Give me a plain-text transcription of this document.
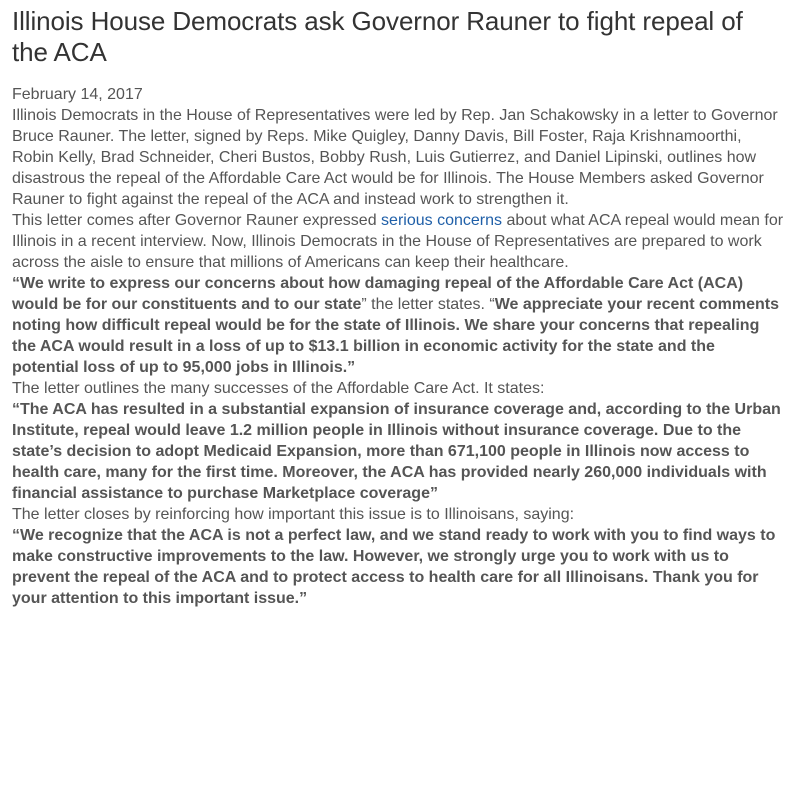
Illinois House Democrats ask Governor Rauner to fight repeal of the ACA
February 14, 2017

Illinois Democrats in the House of Representatives were led by Rep. Jan Schakowsky in a letter to Governor Bruce Rauner. The letter, signed by Reps. Mike Quigley, Danny Davis, Bill Foster, Raja Krishnamoorthi, Robin Kelly, Brad Schneider, Cheri Bustos, Bobby Rush, Luis Gutierrez, and Daniel Lipinski, outlines how disastrous the repeal of the Affordable Care Act would be for Illinois. The House Members asked Governor Rauner to fight against the repeal of the ACA and instead work to strengthen it.

This letter comes after Governor Rauner expressed serious concerns about what ACA repeal would mean for Illinois in a recent interview. Now, Illinois Democrats in the House of Representatives are prepared to work across the aisle to ensure that millions of Americans can keep their healthcare.

“We write to express our concerns about how damaging repeal of the Affordable Care Act (ACA) would be for our constituents and to our state” the letter states. “We appreciate your recent comments noting how difficult repeal would be for the state of Illinois. We share your concerns that repealing the ACA would result in a loss of up to $13.1 billion in economic activity for the state and the potential loss of up to 95,000 jobs in Illinois.”

The letter outlines the many successes of the Affordable Care Act. It states:

“The ACA has resulted in a substantial expansion of insurance coverage and, according to the Urban Institute, repeal would leave 1.2 million people in Illinois without insurance coverage. Due to the state’s decision to adopt Medicaid Expansion, more than 671,100 people in Illinois now access to health care, many for the first time. Moreover, the ACA has provided nearly 260,000 individuals with financial assistance to purchase Marketplace coverage”

The letter closes by reinforcing how important this issue is to Illinoisans, saying:

“We recognize that the ACA is not a perfect law, and we stand ready to work with you to find ways to make constructive improvements to the law. However, we strongly urge you to work with us to prevent the repeal of the ACA and to protect access to health care for all Illinoisans. Thank you for your attention to this important issue.”
